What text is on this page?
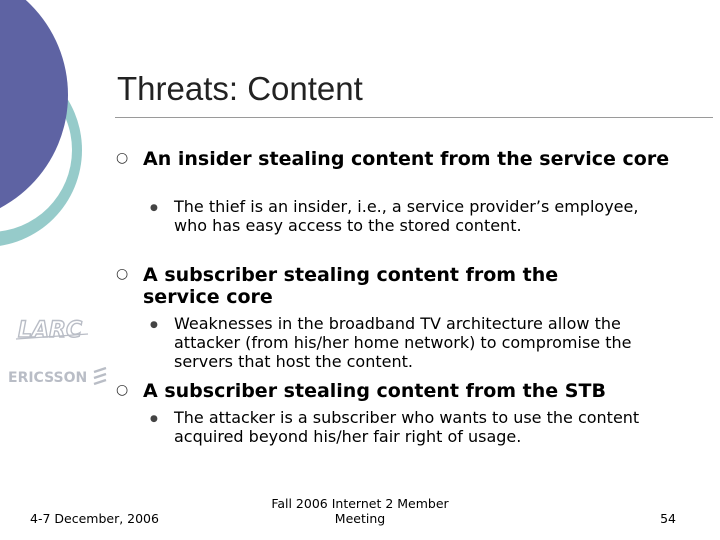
Threats: Content
○ An insider stealing content from the service core
● The thief is an insider, i.e., a service provider’s employee, who has easy access to the stored content.
○ A subscriber stealing content from the service core
● Weaknesses in the broadband TV architecture allow the attacker (from his/her home network) to compromise the servers that host the content.
○ A subscriber stealing content from the STB
● The attacker is a subscriber who wants to use the content acquired beyond his/her fair right of usage.
LARC
ERICSSON
4-7 December, 2006
Fall 2006 Internet 2 Member Meeting	54
